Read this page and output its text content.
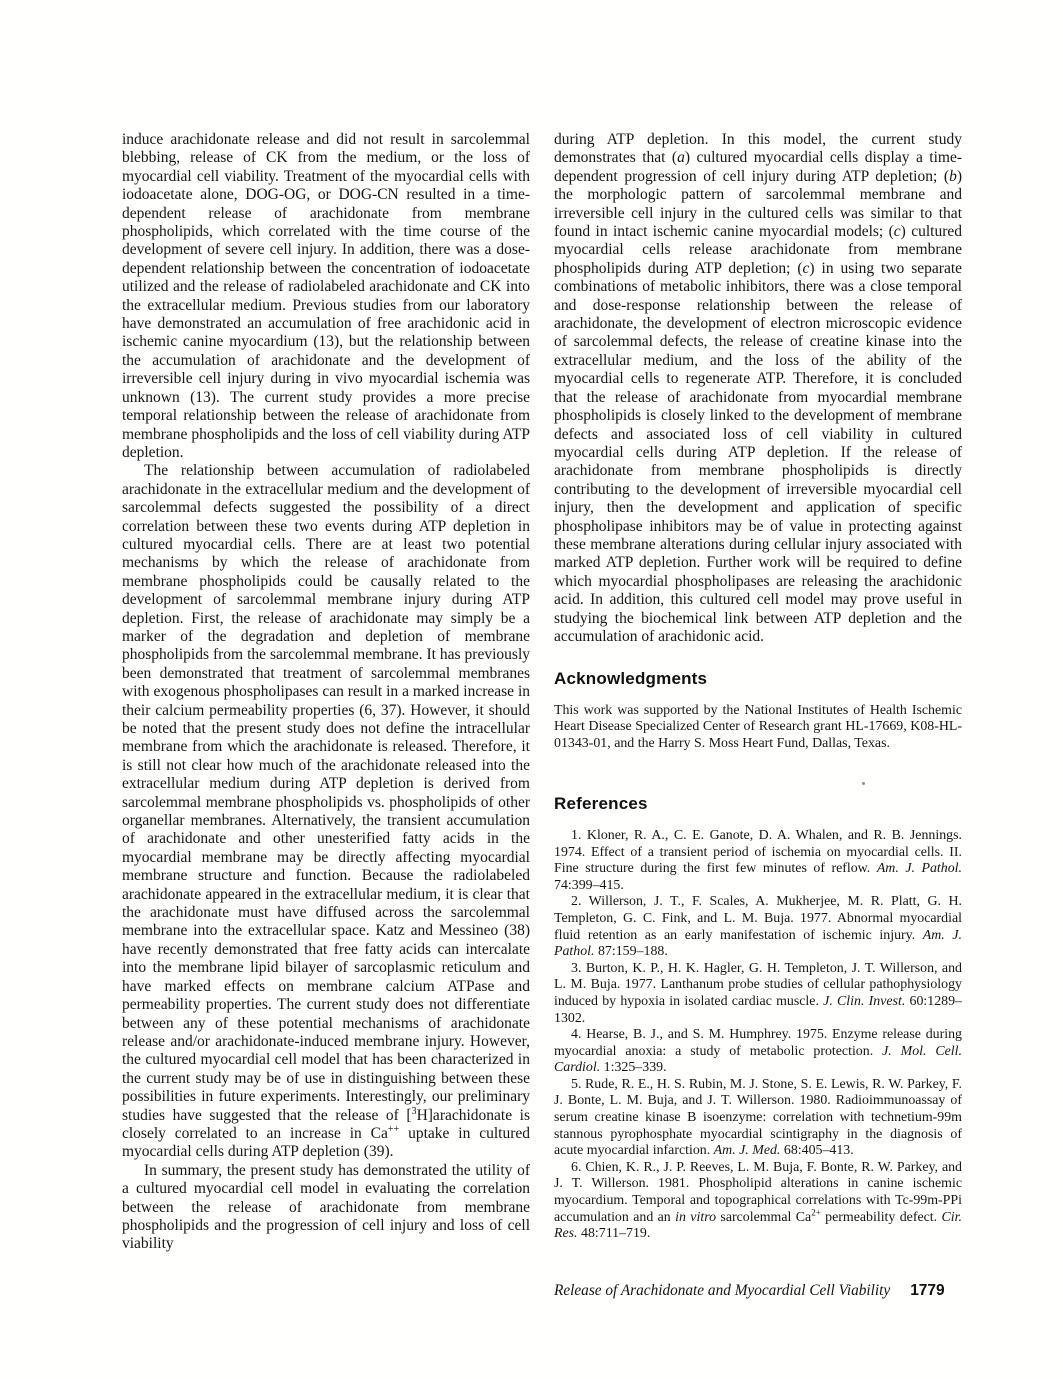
induce arachidonate release and did not result in sarcolemmal blebbing, release of CK from the medium, or the loss of myocardial cell viability. Treatment of the myocardial cells with iodoacetate alone, DOG-OG, or DOG-CN resulted in a time-dependent release of arachidonate from membrane phospholipids, which correlated with the time course of the development of severe cell injury. In addition, there was a dose-dependent relationship between the concentration of iodoacetate utilized and the release of radiolabeled arachidonate and CK into the extracellular medium. Previous studies from our laboratory have demonstrated an accumulation of free arachidonic acid in ischemic canine myocardium (13), but the relationship between the accumulation of arachidonate and the development of irreversible cell injury during in vivo myocardial ischemia was unknown (13). The current study provides a more precise temporal relationship between the release of arachidonate from membrane phospholipids and the loss of cell viability during ATP depletion.

The relationship between accumulation of radiolabeled arachidonate in the extracellular medium and the development of sarcolemmal defects suggested the possibility of a direct correlation between these two events during ATP depletion in cultured myocardial cells. There are at least two potential mechanisms by which the release of arachidonate from membrane phospholipids could be causally related to the development of sarcolemmal membrane injury during ATP depletion. First, the release of arachidonate may simply be a marker of the degradation and depletion of membrane phospholipids from the sarcolemmal membrane. It has previously been demonstrated that treatment of sarcolemmal membranes with exogenous phospholipases can result in a marked increase in their calcium permeability properties (6, 37). However, it should be noted that the present study does not define the intracellular membrane from which the arachidonate is released. Therefore, it is still not clear how much of the arachidonate released into the extracellular medium during ATP depletion is derived from sarcolemmal membrane phospholipids vs. phospholipids of other organellar membranes. Alternatively, the transient accumulation of arachidonate and other unesterified fatty acids in the myocardial membrane may be directly affecting myocardial membrane structure and function. Because the radiolabeled arachidonate appeared in the extracellular medium, it is clear that the arachidonate must have diffused across the sarcolemmal membrane into the extracellular space. Katz and Messineo (38) have recently demonstrated that free fatty acids can intercalate into the membrane lipid bilayer of sarcoplasmic reticulum and have marked effects on membrane calcium ATPase and permeability properties. The current study does not differentiate between any of these potential mechanisms of arachidonate release and/or arachidonate-induced membrane injury. However, the cultured myocardial cell model that has been characterized in the current study may be of use in distinguishing between these possibilities in future experiments. Interestingly, our preliminary studies have suggested that the release of [$^3$H]arachidonate is closely correlated to an increase in Ca++ uptake in cultured myocardial cells during ATP depletion (39).

In summary, the present study has demonstrated the utility of a cultured myocardial cell model in evaluating the correlation between the release of arachidonate from membrane phospholipids and the progression of cell injury and loss of cell viability

during ATP depletion. In this model, the current study demonstrates that (a) cultured myocardial cells display a time-dependent progression of cell injury during ATP depletion; (b) the morphologic pattern of sarcolemmal membrane and irreversible cell injury in the cultured cells was similar to that found in intact ischemic canine myocardial models; (c) cultured myocardial cells release arachidonate from membrane phospholipids during ATP depletion; (c) in using two separate combinations of metabolic inhibitors, there was a close temporal and dose-response relationship between the release of arachidonate, the development of electron microscopic evidence of sarcolemmal defects, the release of creatine kinase into the extracellular medium, and the loss of the ability of the myocardial cells to regenerate ATP. Therefore, it is concluded that the release of arachidonate from myocardial membrane phospholipids is closely linked to the development of membrane defects and associated loss of cell viability in cultured myocardial cells during ATP depletion. If the release of arachidonate from membrane phospholipids is directly contributing to the development of irreversible myocardial cell injury, then the development and application of specific phospholipase inhibitors may be of value in protecting against these membrane alterations during cellular injury associated with marked ATP depletion. Further work will be required to define which myocardial phospholipases are releasing the arachidonic acid. In addition, this cultured cell model may prove useful in studying the biochemical link between ATP depletion and the accumulation of arachidonic acid.

Acknowledgments

This work was supported by the National Institutes of Health Ischemic Heart Disease Specialized Center of Research grant HL-17669, K08-HL-01343-01, and the Harry S. Moss Heart Fund, Dallas, Texas.

References

1. Kloner, R. A., C. E. Ganote, D. A. Whalen, and R. B. Jennings. 1974. Effect of a transient period of ischemia on myocardial cells. II. Fine structure during the first few minutes of reflow. Am. J. Pathol. 74:399–415.

2. Willerson, J. T., F. Scales, A. Mukherjee, M. R. Platt, G. H. Templeton, G. C. Fink, and L. M. Buja. 1977. Abnormal myocardial fluid retention as an early manifestation of ischemic injury. Am. J. Pathol. 87:159–188.

3. Burton, K. P., H. K. Hagler, G. H. Templeton, J. T. Willerson, and L. M. Buja. 1977. Lanthanum probe studies of cellular pathophysiology induced by hypoxia in isolated cardiac muscle. J. Clin. Invest. 60:1289–1302.

4. Hearse, B. J., and S. M. Humphrey. 1975. Enzyme release during myocardial anoxia: a study of metabolic protection. J. Mol. Cell. Cardiol. 1:325–339.

5. Rude, R. E., H. S. Rubin, M. J. Stone, S. E. Lewis, R. W. Parkey, F. J. Bonte, L. M. Buja, and J. T. Willerson. 1980. Radioimmunoassay of serum creatine kinase B isoenzyme: correlation with technetium-99m stannous pyrophosphate myocardial scintigraphy in the diagnosis of acute myocardial infarction. Am. J. Med. 68:405–413.

6. Chien, K. R., J. P. Reeves, L. M. Buja, F. Bonte, R. W. Parkey, and J. T. Willerson. 1981. Phospholipid alterations in canine ischemic myocardium. Temporal and topographical correlations with Tc-99m-PPi accumulation and an in vitro sarcolemmal $Ca^{2+}$ permeability defect. Cir. Res. 48:711–719.

Release of Arachidonate and Myocardial Cell Viability 1779
